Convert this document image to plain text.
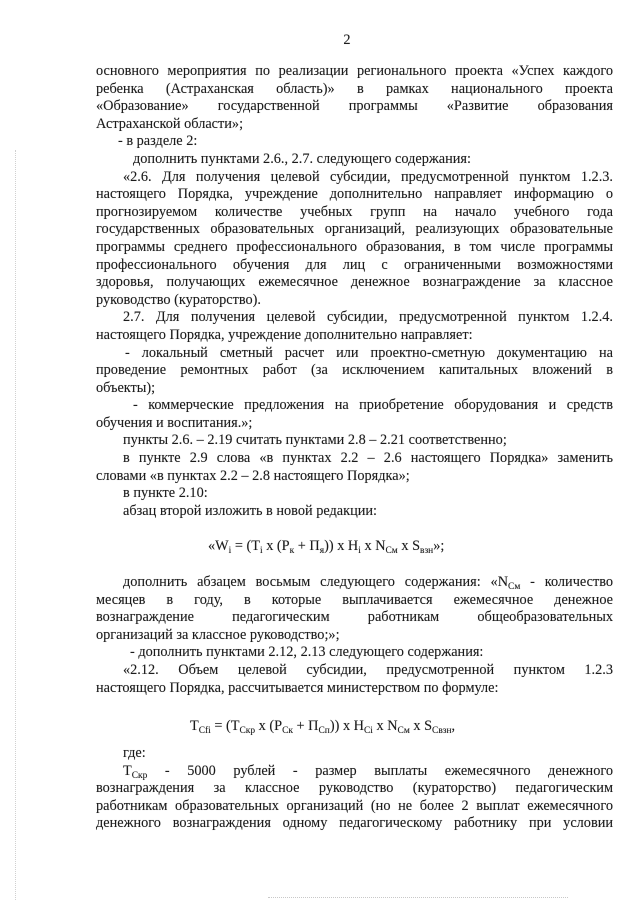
2
основного мероприятия по реализации регионального проекта «Успех каждого
ребенка (Астраханская область)» в рамках национального проекта
«Образование» государственной программы «Развитие образования
Астраханской области»;
- в разделе 2:
дополнить пунктами 2.6., 2.7. следующего содержания:
«2.6. Для получения целевой субсидии, предусмотренной пунктом 1.2.3.
настоящего Порядка, учреждение дополнительно направляет информацию о
прогнозируемом количестве учебных групп на начало учебного года
государственных образовательных организаций, реализующих образовательные
программы среднего профессионального образования, в том числе программы
профессионального обучения для лиц с ограниченными возможностями
здоровья, получающих ежемесячное денежное вознаграждение за классное
руководство (кураторство).
2.7. Для получения целевой субсидии, предусмотренной пунктом 1.2.4.
настоящего Порядка, учреждение дополнительно направляет:
- локальный сметный расчет или проектно-сметную документацию на
проведение ремонтных работ (за исключением капитальных вложений в
объекты);
- коммерческие предложения на приобретение оборудования и средств
обучения и воспитания.»;
пункты 2.6. – 2.19 считать пунктами 2.8 – 2.21 соответственно;
в пункте 2.9 слова «в пунктах 2.2 – 2.6 настоящего Порядка» заменить
словами «в пунктах 2.2 – 2.8 настоящего Порядка»;
в пункте 2.10:
абзац второй изложить в новой редакции:
«$W_i = (T_i$ x $(P_к + П_я)$) x $H_i$ x $N_{См}$ x $S_{взн}$»;
дополнить абзацем восьмым следующего содержания: «$N_{См}$ - количество
месяцев в году, в которые выплачивается ежемесячное денежное
вознаграждение педагогическим работникам общеобразовательных
организаций за классное руководство;»;
- дополнить пунктами 2.12, 2.13 следующего содержания:
«2.12. Объем целевой субсидии, предусмотренной пунктом 1.2.3
настоящего Порядка, рассчитывается министерством по формуле:
$T_{Cfi} = (T_{Скр}$ x $(P_{Ск} + П_{Сп})$) x $H_{Сi}$ x $N_{См}$ x $S_{Свзн}$,
где:
$T_{Скр} - 5000$ рублей - размер выплаты ежемесячного денежного
вознаграждения за классное руководство (кураторство) педагогическим
работникам образовательных организаций (но не более 2 выплат ежемесячного
денежного вознаграждения одному педагогическому работнику при условии
